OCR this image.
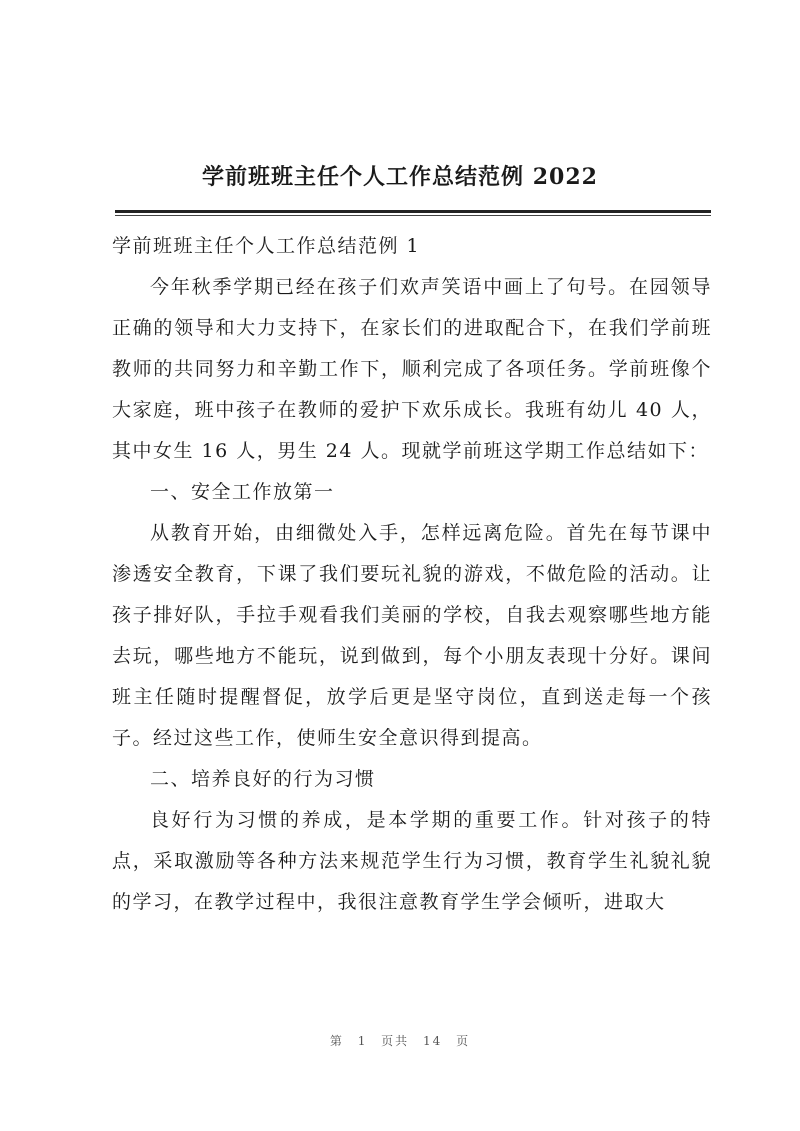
学前班班主任个人工作总结范例 2022

学前班班主任个人工作总结范例 1

今年秋季学期已经在孩子们欢声笑语中画上了句号。在园领导正确的领导和大力支持下，在家长们的进取配合下，在我们学前班教师的共同努力和辛勤工作下，顺利完成了各项任务。学前班像个大家庭，班中孩子在教师的爱护下欢乐成长。我班有幼儿 40 人，其中女生 16 人，男生 24 人。现就学前班这学期工作总结如下：

一、安全工作放第一

从教育开始，由细微处入手，怎样远离危险。首先在每节课中渗透安全教育，下课了我们要玩礼貌的游戏，不做危险的活动。让孩子排好队，手拉手观看我们美丽的学校，自我去观察哪些地方能去玩，哪些地方不能玩，说到做到，每个小朋友表现十分好。课间班主任随时提醒督促，放学后更是坚守岗位，直到送走每一个孩子。经过这些工作，使师生安全意识得到提高。

二、培养良好的行为习惯

良好行为习惯的养成，是本学期的重要工作。针对孩子的特点，采取激励等各种方法来规范学生行为习惯，教育学生礼貌礼貌的学习，在教学过程中，我很注意教育学生学会倾听，进取大

第 1 页共 14 页
